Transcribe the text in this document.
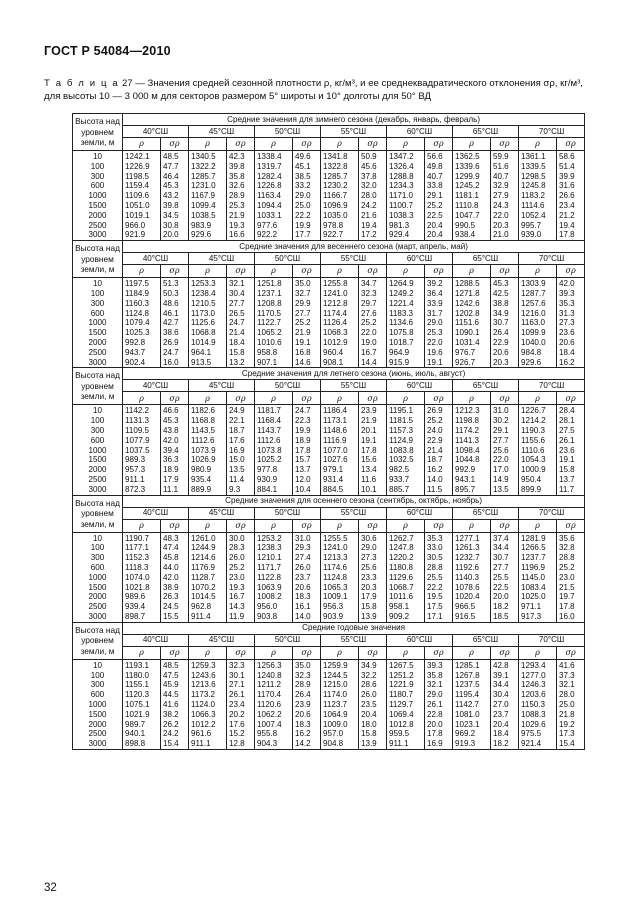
ГОСТ Р 54084—2010
Т а б л и ц а 27 — Значения средней сезонной плотности ρ, кг/м³, и ее среднеквадратического отклонения σρ, кг/м³,
для высоты 10 — 3 000 м для секторов размером 5° широты и 10° долготы для 50° ВД
Высота над уровнем земли, м	Средние значения для зимнего сезона (декабрь, январь, февраль)													
	40°СШ		45°СШ		50°СШ		55°СШ		60°СШ		65°СШ		70°СШ	
	ρ	σρ	ρ	σρ	ρ	σρ	ρ	σρ	ρ	σρ	ρ	σρ	ρ	σρ
10	1242.1	48.5	1340.5	42.3	1338.4	49.6	1341.8	50.9	1347.2	56.6	1362.5	59.9	1361.1	58.6
100	1226.9	47.7	1322.2	39.8	1319.7	45.1	1322.8	45.6	1326.4	49.8	1339.6	51.6	1339.5	51.4
300	1198.5	46.4	1285.7	35.8	1282.4	38.5	1285.7	37.8	1288.8	40.7	1299.9	40.7	1298.5	39.9
600	1159.4	45.3	1231.0	32.6	1226.8	33.2	1230.2	32.0	1234.3	33.8	1245.2	32.9	1245.8	31.6
1000	1109.6	43.2	1167.9	28.9	1163.4	29.0	1166.7	28.0	1171.0	29.1	1181.1	27.9	1183.2	26.6
1500	1051.0	39.8	1099.4	25.3	1094.4	25.0	1096.9	24.2	1100.7	25.2	1110.8	24.3	1114.6	23.4
2000	1019.1	34.5	1038.5	21.9	1033.1	22.2	1035.0	21.6	1038.3	22.5	1047.7	22.0	1052.4	21.2
2500	966.0	30.8	983.9	19.3	977.6	19.9	978.8	19.4	981.3	20.4	990.5	20.3	995.7	19.4
3000	921.9	20.0	929.6	16.6	922.2	17.7	922.7	17.2	929.4	20.4	938.4	21.0	939.0	17.8
Высота над уровнем земли, м	Средние значения для весеннего сезона (март, апрель, май)													
	40°СШ		45°СШ		50°СШ		55°СШ		60°СШ		65°СШ		70°СШ	
	ρ	σρ	ρ	σρ	ρ	σρ	ρ	σρ	ρ	σρ	ρ	σρ	ρ	σρ
10	1197.5	51.3	1253.3	32.1	1251.8	35.0	1255.8	34.7	1264.9	39.2	1288.5	45.3	1303.9	42.0
100	1184.9	50.3	1238.4	30.4	1237.1	32.7	1241.0	32.3	1249.2	36.4	1271.8	42.5	1287.7	39.3
300	1160.3	48.6	1210.5	27.7	1208.8	29.9	1212.8	29.7	1221.4	33.9	1242.6	38.8	1257.6	35.3
600	1124.8	46.1	1173.0	26.5	1170.5	27.7	1174.4	27.6	1183.3	31.7	1202.8	34.9	1216.0	31.3
1000	1079.4	42.7	1125.6	24.7	1122.7	25.2	1126.4	25.2	1134.6	29.0	1151.6	30.7	1163.0	27.3
1500	1025.3	38.6	1068.8	21.4	1065.2	21.9	1068.3	22.0	1075.8	25.3	1090.1	26.4	1099.9	23.6
2000	992.8	26.9	1014.9	18.4	1010.6	19.1	1012.9	19.0	1018.7	22.0	1031.4	22.9	1040.0	20.6
2500	943.7	24.7	964.1	15.8	958.8	16.8	960.4	16.7	964.9	19.6	976.7	20.6	984.8	18.4
3000	902.4	16.0	913.5	13.2	907.1	14.6	908.1	14.4	915.9	19.1	926.7	20.3	929.6	16.2
Высота над уровнем земли, м	Средние значения для летнего сезона (июнь, июль, август)													
	40°СШ		45°СШ		50°СШ		55°СШ		60°СШ		65°СШ		70°СШ	
	ρ	σρ	ρ	σρ	ρ	σρ	ρ	σρ	ρ	σρ	ρ	σρ	ρ	σρ
10	1142.2	46.6	1182.6	24.9	1181.7	24.7	1186.4	23.9	1195.1	26.9	1212.3	31.0	1226.7	28.4
100	1131.3	45.3	1168.8	22.1	1168.4	22.3	1173.1	21.9	1181.5	25.2	1198.8	30.2	1214.2	28.1
300	1109.5	43.8	1143.5	18.7	1143.7	19.9	1148.6	20.1	1157.3	24.0	1174.2	29.1	1190.3	27.5
600	1077.9	42.0	1112.6	17.6	1112.6	18.9	1116.9	19.1	1124.9	22.9	1141.3	27.7	1155.6	26.1
1000	1037.5	39.4	1073.9	16.9	1073.8	17.8	1077.0	17.8	1083.8	21.4	1098.4	25.6	1110.6	23.6
1500	989.3	36.3	1026.9	15.0	1025.2	15.7	1027.6	15.6	1032.5	18.7	1044.8	22.0	1054.3	19.1
2000	957.3	18.9	980.9	13.5	977.8	13.7	979.1	13.4	982.5	16.2	992.9	17.0	1000.9	15.8
2500	911.1	17.9	935.4	11.4	930.9	12.0	931.4	11.6	933.7	14.0	943.1	14.9	950.4	13.7
3000	872.3	11.1	889.9	9.3	884.1	10.4	884.5	10.1	885.7	11.5	895.7	13.5	899.9	11.7
Высота над уровнем земли, м	Средние значения для осеннего сезона (сентябрь, октябрь, ноябрь)													
	40°СШ		45°СШ		50°СШ		55°СШ		60°СШ		65°СШ		70°СШ	
	ρ	σρ	ρ	σρ	ρ	σρ	ρ	σρ	ρ	σρ	ρ	σρ	ρ	σρ
10	1190.7	48.3	1261.0	30.0	1253.2	31.0	1255.5	30.6	1262.7	35.3	1277.1	37.4	1281.9	35.6
100	1177.1	47.4	1244.9	28.3	1238.3	29.3	1241.0	29.0	1247.8	33.0	1261.3	34.4	1266.5	32.8
300	1152.3	45.8	1214.6	26.0	1210.1	27.4	1213.3	27.3	1220.2	30.5	1232.7	30.7	1237.7	28.8
600	1118.3	44.0	1176.9	25.2	1171.7	26.0	1174.6	25.6	1180.8	28.8	1192.6	27.7	1196.9	25.2
1000	1074.0	42.0	1128.7	23.0	1122.8	23.7	1124.8	23.3	1129.6	25.5	1140.3	25.5	1145.0	23.0
1500	1021.8	38.9	1070.2	19.3	1063.9	20.6	1065.3	20.3	1068.7	22.2	1078.6	22.5	1083.4	21.5
2000	989.6	26.3	1014.5	16.7	1008.2	18.3	1009.1	17.9	1011.6	19.5	1020.4	20.0	1025.0	19.7
2500	939.4	24.5	962.8	14.3	956.0	16.1	956.3	15.8	958.1	17.5	966.5	18.2	971.1	17.8
3000	898.7	15.5	911.4	11.9	903.8	14.0	903.9	13.9	909.2	17.1	916.5	18.5	917.3	16.0
Высота над уровнем земли, м	Средние годовые значения													
	40°СШ		45°СШ		50°СШ		55°СШ		60°СШ		65°СШ		70°СШ	
	ρ	σρ	ρ	σρ	ρ	σρ	ρ	σρ	ρ	σρ	ρ	σρ	ρ	σρ
10	1193.1	48.5	1259.3	32.3	1256.3	35.0	1259.9	34.9	1267.5	39.3	1285.1	42.8	1293.4	41.6
100	1180.0	47.5	1243.6	30.1	1240.8	32.3	1244.5	32.2	1251.2	35.8	1267.8	39.1	1277.0	37.3
300	1155.1	45.9	1213.6	27.1	1211.2	28.9	1215.0	28.6	1221.9	32.1	1237.5	34.4	1246.3	32.1
600	1120.3	44.5	1173.2	26.1	1170.4	26.4	1174.0	26.0	1180.7	29.0	1195.4	30.4	1203.6	28.0
1000	1075.1	41.6	1124.0	23.4	1120.6	23.9	1123.7	23.5	1129.7	26.1	1142.7	27.0	1150.3	25.0
1500	1021.9	38.2	1066.3	20.2	1062.2	20.6	1064.9	20.4	1069.4	22.8	1081.0	23.7	1088.3	21.8
2000	989.7	26.2	1012.2	17.6	1007.4	18.3	1009.0	18.0	1012.8	20.0	1023.1	20.4	1029.6	19.2
2500	940.1	24.2	961.6	15.2	955.8	16.2	957.0	15.8	959.5	17.8	969.2	18.4	975.5	17.3
3000	898.8	15.4	911.1	12.8	904.3	14.2	904.8	13.9	911.1	16.9	919.3	18.2	921.4	15.4
32
